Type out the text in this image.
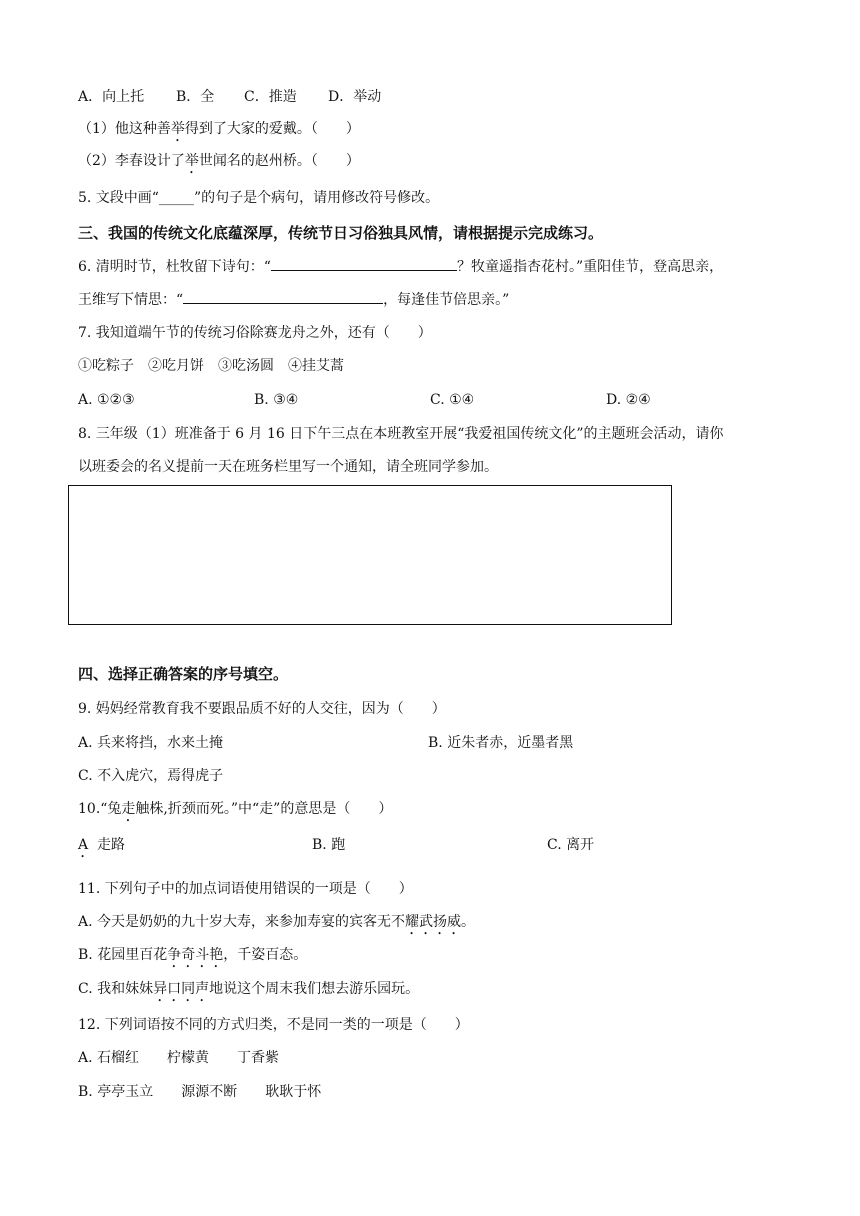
A．向上托 B．全 C．推造 D．举动
（1）他这种善举得到了大家的爱戴。（　　）
（2）李春设计了举世闻名的赵州桥。（　　）
5. 文段中画“_____”的句子是个病句，请用修改符号修改。
三、我国的传统文化底蕴深厚，传统节日习俗独具风情，请根据提示完成练习。
6. 清明时节，杜牧留下诗句：“	？牧童遥指杏花村。”重阳佳节，登高思亲，
王维写下情思：“	，每逢佳节倍思亲。”
7. 我知道端午节的传统习俗除赛龙舟之外，还有（　　）
①吃粽子　②吃月饼　③吃汤圆　④挂艾蒿
A. ①②③	B. ③④	C. ①④	D. ②④
8. 三年级（1）班准备于 6 月 16 日下午三点在本班教室开展“我爱祖国传统文化”的主题班会活动，请你
以班委会的名义提前一天在班务栏里写一个通知，请全班同学参加。
四、选择正确答案的序号填空。
9. 妈妈经常教育我不要跟品质不好的人交往，因为（　　）
A. 兵来将挡，水来土掩	B. 近朱者赤，近墨者黑
C. 不入虎穴，焉得虎子
10.“兔走触株,折颈而死。”中“走”的意思是（　　）
A 走路	B. 跑	C. 离开
11. 下列句子中的加点词语使用错误的一项是（　　）
A. 今天是奶奶的九十岁大寿，来参加寿宴的宾客无不耀武扬威。
B. 花园里百花争奇斗艳，千姿百态。
C. 我和妹妹异口同声地说这个周末我们想去游乐园玩。
12. 下列词语按不同的方式归类，不是同一类的一项是（　　）
A. 石榴红　　柠檬黄　　丁香紫
B. 亭亭玉立　　源源不断　　耿耿于怀
